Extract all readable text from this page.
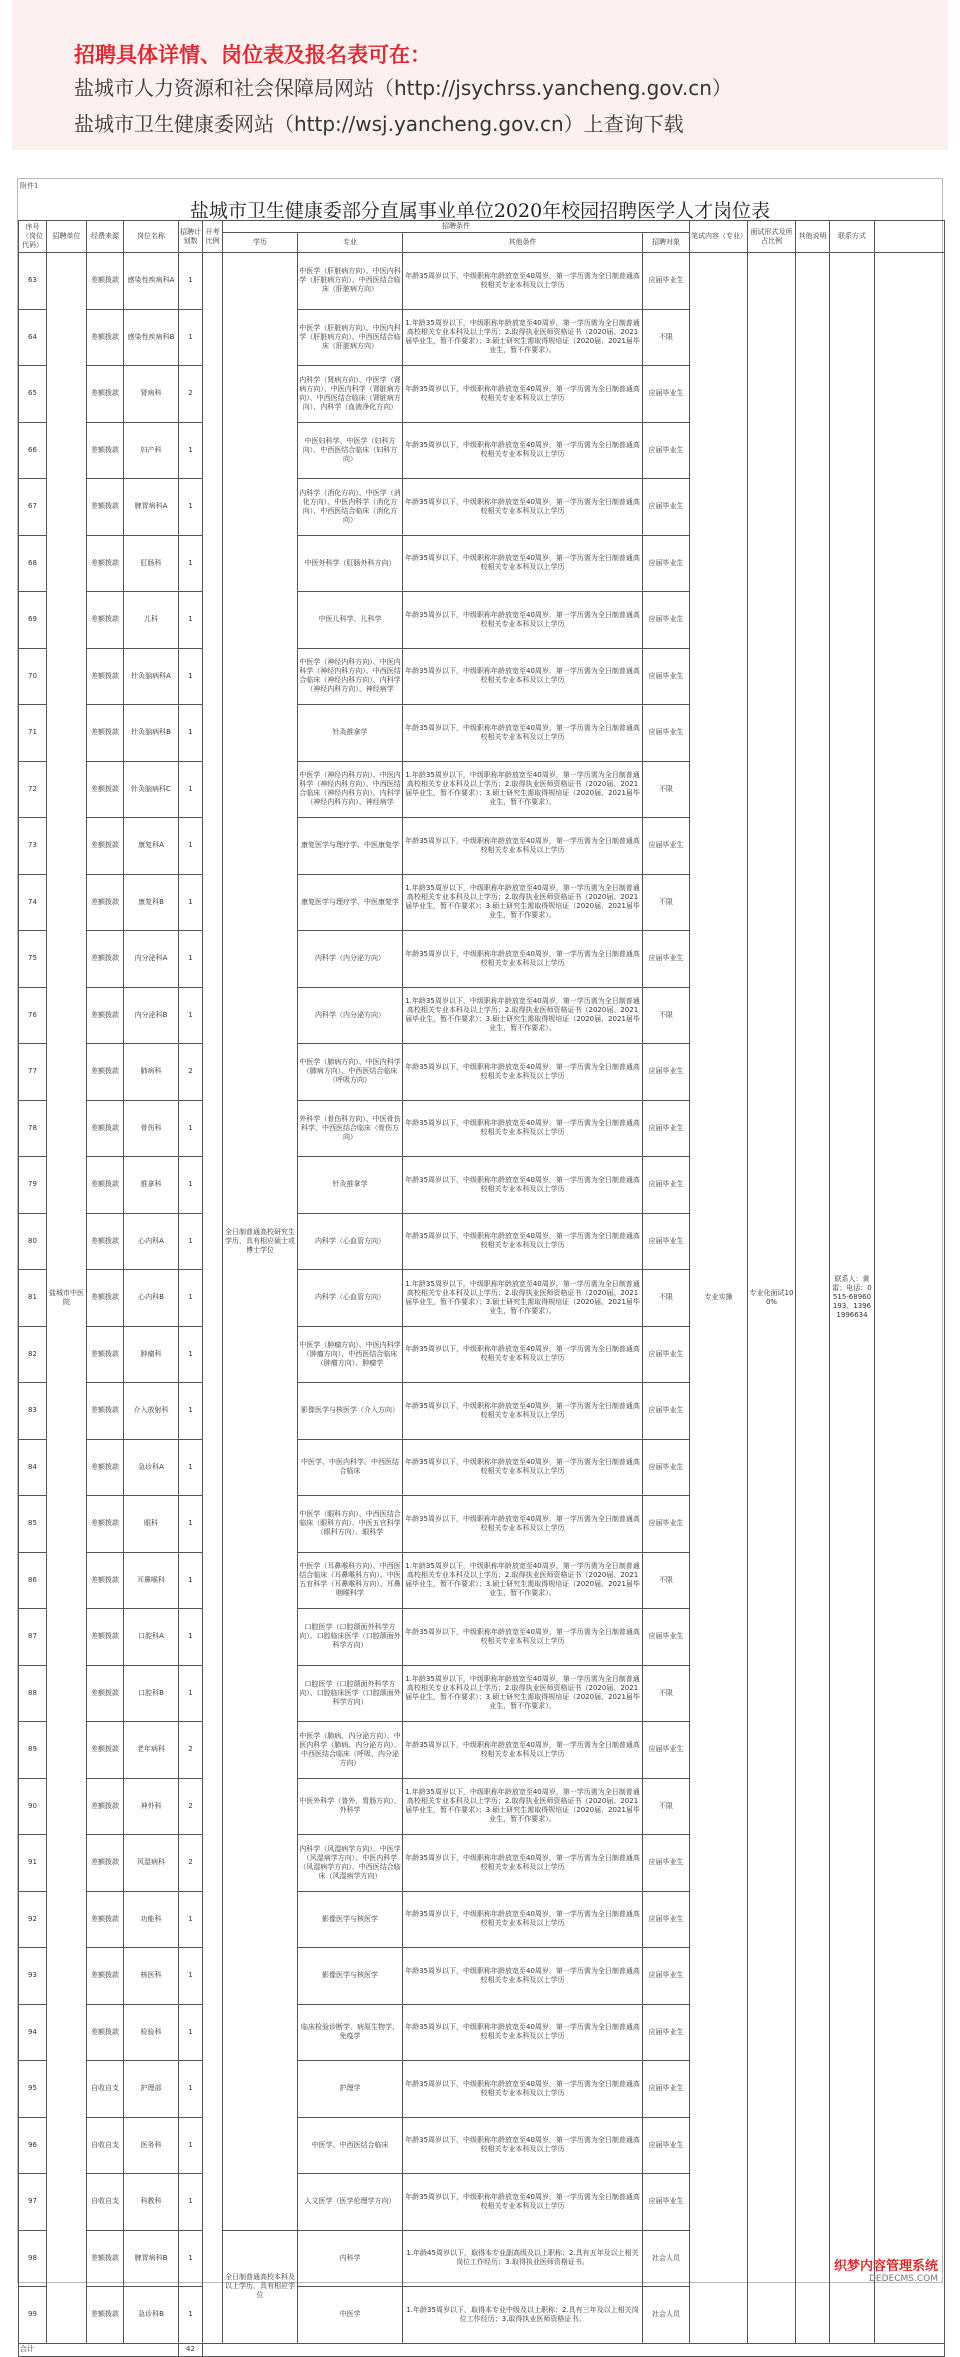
招聘具体详情、岗位表及报名表可在：
盐城市人力资源和社会保障局网站（http://jsychrss.yancheng.gov.cn）
盐城市卫生健康委网站（http://wsj.yancheng.gov.cn）上查询下载
附件1
盐城市卫生健康委部分直属事业单位2020年校园招聘医学人才岗位表
序号（岗位代码）	招聘单位	经费来源	岗位名称	招聘计划数	开考比例	招聘条件				笔试内容（专业）	面试形式及所占比例	其他说明	联系方式	
						学历	专业	其他条件	招聘对象					
63	盐城市中医院	差额拨款	感染性疾病科A	1		全日制普通高校研究生学历，具有相应硕士或博士学位	中医学（肝脏病方向）、中医内科学（肝脏病方向）、中西医结合临床（肝脏病方向）	年龄35周岁以下，中级职称年龄放宽至40周岁，第一学历需为全日制普通高校相关专业本科及以上学历	应届毕业生	专业实操	专业化面试100%		联系人：黄雷；电话：0515-68960193、13961996634	
64		差额拨款	感染性疾病科B	1			中医学（肝脏病方向）、中医内科学（肝脏病方向）、中西医结合临床（肝脏病方向）	1.年龄35周岁以下，中级职称年龄放宽至40周岁，第一学历需为全日制普通高校相关专业本科及以上学历；2.取得执业医师资格证书（2020届、2021届毕业生，暂不作要求）；3.硕士研究生需取得规培证（2020届、2021届毕业生，暂不作要求）。	不限					
65		差额拨款	肾病科	2			内科学（肾病方向）、中医学（肾病方向）、中医内科学（肾脏病方向）、中西医结合临床（肾脏病方向）、内科学（血液净化方向）	年龄35周岁以下，中级职称年龄放宽至40周岁，第一学历需为全日制普通高校相关专业本科及以上学历	应届毕业生					
66		差额拨款	妇产科	1			中医妇科学、中医学（妇科方向）、中西医结合临床（妇科方向）	年龄35周岁以下，中级职称年龄放宽至40周岁，第一学历需为全日制普通高校相关专业本科及以上学历	应届毕业生					
67		差额拨款	脾胃病科A	1			内科学（消化方向）、中医学（消化方向）、中医内科学（消化方向）、中西医结合临床（消化方向）	年龄35周岁以下，中级职称年龄放宽至40周岁，第一学历需为全日制普通高校相关专业本科及以上学历	应届毕业生					
68		差额拨款	肛肠科	1			中医外科学（肛肠外科方向）	年龄35周岁以下，中级职称年龄放宽至40周岁，第一学历需为全日制普通高校相关专业本科及以上学历	应届毕业生					
69		差额拨款	儿科	1			中医儿科学、儿科学	年龄35周岁以下，中级职称年龄放宽至40周岁，第一学历需为全日制普通高校相关专业本科及以上学历	应届毕业生					
70		差额拨款	针灸脑病科A	1			中医学（神经内科方向）、中医内科学（神经内科方向）、中西医结合临床（神经内科方向）、内科学（神经内科方向）、神经病学	年龄35周岁以下，中级职称年龄放宽至40周岁，第一学历需为全日制普通高校相关专业本科及以上学历	应届毕业生					
71		差额拨款	针灸脑病科B	1			针灸推拿学	年龄35周岁以下，中级职称年龄放宽至40周岁，第一学历需为全日制普通高校相关专业本科及以上学历	应届毕业生					
72		差额拨款	针灸脑病科C	1			中医学（神经内科方向）、中医内科学（神经内科方向）、中西医结合临床（神经内科方向）、内科学（神经内科方向）、神经病学	1.年龄35周岁以下，中级职称年龄放宽至40周岁，第一学历需为全日制普通高校相关专业本科及以上学历；2.取得执业医师资格证书（2020届、2021届毕业生，暂不作要求）；3.硕士研究生需取得规培证（2020届、2021届毕业生，暂不作要求）。	不限					
73		差额拨款	康复科A	1			康复医学与理疗学、中医康复学	年龄35周岁以下，中级职称年龄放宽至40周岁，第一学历需为全日制普通高校相关专业本科及以上学历	应届毕业生					
74		差额拨款	康复科B	1			康复医学与理疗学、中医康复学	1.年龄35周岁以下，中级职称年龄放宽至40周岁，第一学历需为全日制普通高校相关专业本科及以上学历；2.取得执业医师资格证书（2020届、2021届毕业生，暂不作要求）；3.硕士研究生需取得规培证（2020届、2021届毕业生，暂不作要求）。	不限					
75		差额拨款	内分泌科A	1			内科学（内分泌方向）	年龄35周岁以下，中级职称年龄放宽至40周岁，第一学历需为全日制普通高校相关专业本科及以上学历	应届毕业生					
76		差额拨款	内分泌科B	1			内科学（内分泌方向）	1.年龄35周岁以下，中级职称年龄放宽至40周岁，第一学历需为全日制普通高校相关专业本科及以上学历；2.取得执业医师资格证书（2020届、2021届毕业生，暂不作要求）；3.硕士研究生需取得规培证（2020届、2021届毕业生，暂不作要求）。	不限					
77		差额拨款	肺病科	2			中医学（肺病方向）、中医内科学（肺病方向）、中西医结合临床（呼吸方向）	年龄35周岁以下，中级职称年龄放宽至40周岁，第一学历需为全日制普通高校相关专业本科及以上学历	应届毕业生					
78		差额拨款	骨伤科	1			外科学（骨伤科方向）、中医骨伤科学、中西医结合临床（骨伤方向）	年龄35周岁以下，中级职称年龄放宽至40周岁，第一学历需为全日制普通高校相关专业本科及以上学历	应届毕业生					
79		差额拨款	推拿科	1			针灸推拿学	年龄35周岁以下，中级职称年龄放宽至40周岁，第一学历需为全日制普通高校相关专业本科及以上学历	应届毕业生					
80		差额拨款	心内科A	1			内科学（心血管方向）	年龄35周岁以下，中级职称年龄放宽至40周岁，第一学历需为全日制普通高校相关专业本科及以上学历	应届毕业生					
81		差额拨款	心内科B	1			内科学（心血管方向）	1.年龄35周岁以下，中级职称年龄放宽至40周岁，第一学历需为全日制普通高校相关专业本科及以上学历；2.取得执业医师资格证书（2020届、2021届毕业生，暂不作要求）；3.硕士研究生需取得规培证（2020届、2021届毕业生，暂不作要求）。	不限					
82		差额拨款	肿瘤科	1			中医学（肿瘤方向）、中医内科学（肿瘤方向）、中西医结合临床（肿瘤方向）、肿瘤学	年龄35周岁以下，中级职称年龄放宽至40周岁，第一学历需为全日制普通高校相关专业本科及以上学历	应届毕业生					
83		差额拨款	介入放射科	1			影像医学与核医学（介入方向）	年龄35周岁以下，中级职称年龄放宽至40周岁，第一学历需为全日制普通高校相关专业本科及以上学历	应届毕业生					
84		差额拨款	急诊科A	1			中医学、中医内科学、中西医结合临床	年龄35周岁以下，中级职称年龄放宽至40周岁，第一学历需为全日制普通高校相关专业本科及以上学历	应届毕业生					
85		差额拨款	眼科	1			中医学（眼科方向）、中西医结合临床（眼科方向）、中医五官科学（眼科方向）、眼科学	年龄35周岁以下，中级职称年龄放宽至40周岁，第一学历需为全日制普通高校相关专业本科及以上学历	应届毕业生					
86		差额拨款	耳鼻喉科	1			中医学（耳鼻喉科方向）、中西医结合临床（耳鼻喉科方向）、中医五官科学（耳鼻喉科方向）、耳鼻咽喉科学	1.年龄35周岁以下，中级职称年龄放宽至40周岁，第一学历需为全日制普通高校相关专业本科及以上学历；2.取得执业医师资格证书（2020届、2021届毕业生，暂不作要求）；3.硕士研究生需取得规培证（2020届、2021届毕业生，暂不作要求）。	不限					
87		差额拨款	口腔科A	1			口腔医学（口腔颌面外科学方向）、口腔临床医学（口腔颌面外科学方向）	年龄35周岁以下，中级职称年龄放宽至40周岁，第一学历需为全日制普通高校相关专业本科及以上学历	应届毕业生					
88		差额拨款	口腔科B	1			口腔医学（口腔颌面外科学方向）、口腔临床医学（口腔颌面外科学方向）	1.年龄35周岁以下，中级职称年龄放宽至40周岁，第一学历需为全日制普通高校相关专业本科及以上学历；2.取得执业医师资格证书（2020届、2021届毕业生，暂不作要求）；3.硕士研究生需取得规培证（2020届、2021届毕业生，暂不作要求）。	不限					
89		差额拨款	老年病科	2			中医学（肺病、内分泌方向）、中医内科学（肺病、内分泌方向）、中西医结合临床（呼吸、内分泌方向）	年龄35周岁以下，中级职称年龄放宽至40周岁，第一学历需为全日制普通高校相关专业本科及以上学历	应届毕业生					
90		差额拨款	神外科	2			中医外科学（普外、胃肠方向）、外科学	1.年龄35周岁以下，中级职称年龄放宽至40周岁，第一学历需为全日制普通高校相关专业本科及以上学历；2.取得执业医师资格证书（2020届、2021届毕业生，暂不作要求）；3.硕士研究生需取得规培证（2020届、2021届毕业生，暂不作要求）。	不限					
91		差额拨款	风湿病科	2			内科学（风湿病学方向）、中医学（风湿病学方向）、中医内科学（风湿病学方向）、中西医结合临床（风湿病学方向）	年龄35周岁以下，中级职称年龄放宽至40周岁，第一学历需为全日制普通高校相关专业本科及以上学历	应届毕业生					
92		差额拨款	功能科	1			影像医学与核医学	年龄35周岁以下，中级职称年龄放宽至40周岁，第一学历需为全日制普通高校相关专业本科及以上学历	应届毕业生					
93		差额拨款	核医科	1			影像医学与核医学	年龄35周岁以下，中级职称年龄放宽至40周岁，第一学历需为全日制普通高校相关专业本科及以上学历	应届毕业生					
94		差额拨款	检验科	1			临床检验诊断学、病原生物学、免疫学	年龄35周岁以下，中级职称年龄放宽至40周岁，第一学历需为全日制普通高校相关专业本科及以上学历	应届毕业生					
95		自收自支	护理部	1			护理学	年龄35周岁以下，中级职称年龄放宽至40周岁，第一学历需为全日制普通高校相关专业本科及以上学历	应届毕业生					
96		自收自支	医务科	1			中医学、中西医结合临床	年龄35周岁以下，中级职称年龄放宽至40周岁，第一学历需为全日制普通高校相关专业本科及以上学历	应届毕业生					
97		自收自支	科教科	1			人文医学（医学伦理学方向）	年龄35周岁以下，中级职称年龄放宽至40周岁，第一学历需为全日制普通高校相关专业本科及以上学历	应届毕业生					
98		差额拨款	脾胃病科B	1		全日制普通高校本科及以上学历，具有相应学位	内科学	1.年龄45周岁以下，取得本专业副高级及以上职称；2.具有五年及以上相关岗位工作经历；3.取得执业医师资格证书。	社会人员					
99		差额拨款	急诊科B	1			中医学	1.年龄35周岁以下，取得本专业中级及以上职称；2.具有三年及以上相关岗位工作经历；3.取得执业医师资格证书。	社会人员					
合计				42										
织梦内容管理系统
DEDECMS.COM
